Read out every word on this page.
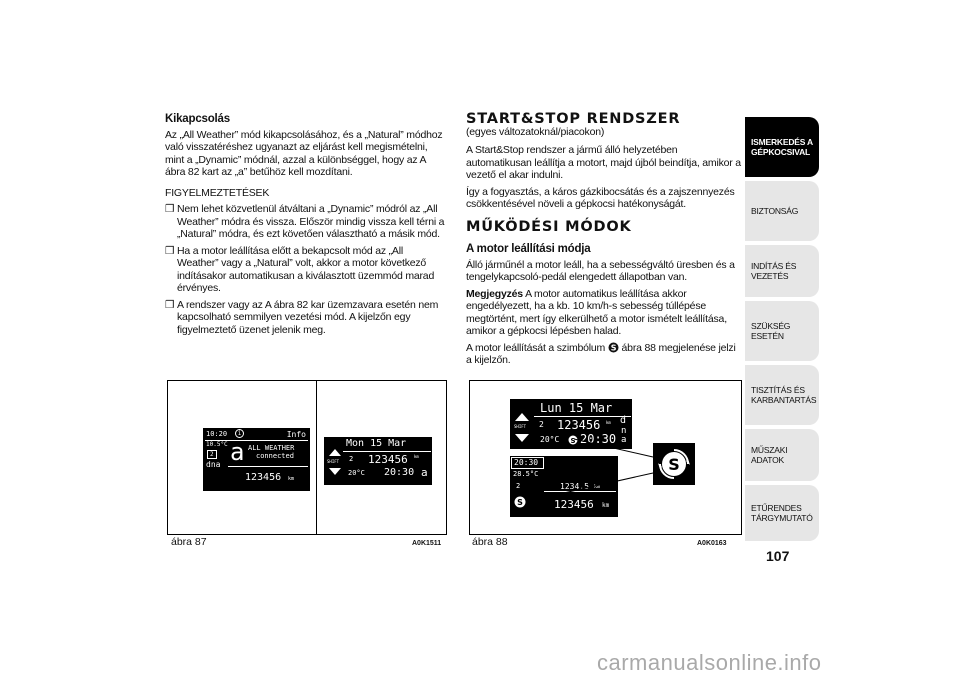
Kikapcsolás

Az „All Weather” mód kikapcsolásához, és a „Natural” módhoz való visszatéréshez ugyanazt az eljárást kell megismételni, mint a „Dynamic” módnál, azzal a különbséggel, hogy az A ábra 82 kart az „a” betűhöz kell mozdítani.

FIGYELMEZTETÉSEK

❒ Nem lehet közvetlenül átváltani a „Dynamic” módról az „All Weather” módra és vissza. Először mindig vissza kell térni a „Natural” módra, és ezt követően választható a másik mód.

❒ Ha a motor leállítása előtt a bekapcsolt mód az „All Weather” vagy a „Natural” volt, akkor a motor következő indításakor automatikusan a kiválasztott üzemmód marad érvényes.

❒ A rendszer vagy az A ábra 82 kar üzemzavara esetén nem kapcsolható semmilyen vezetési mód. A kijelzőn egy figyelmeztető üzenet jelenik meg.

START&STOP RENDSZER

(egyes változatoknál/piacokon)

A Start&Stop rendszer a jármű álló helyzetében automatikusan leállítja a motort, majd újból beindítja, amikor a vezető el akar indulni.

Így a fogyasztás, a káros gázkibocsátás és a zajszennyezés csökkentésével növeli a gépkocsi hatékonyságát.

MŰKÖDÉSI MÓDOK
A motor leállítási módja

Álló járműnél a motor leáll, ha a sebességváltó üresben és a tengelykapcsoló-pedál elengedett állapotban van.

Megjegyzés A motor automatikus leállítása akkor engedélyezett, ha a kb. 10 km/h-s sebesség túllépése megtörtént, mert így elkerülhető a motor ismételt leállítása, amikor a gépkocsi lépésben halad.

A motor leállítását a szimbólum S ábra 88 megjelenése jelzi a kijelzőn.

10:20	i	Info
10.5°C
2
dna a ALL WEATHER
connected
123456 km
Mon 15 Mar
SHIFT 2 123456 km
20°C 20:30 a
ábra 87	A0K1511
Lun 15 Mar
SHIFT 2 123456 km d
n
a
20°C S 20:30
20:30
28.5°C
2	1234.5 km
S	123456 km
S
ábra 88	A0K0163
ISMERKEDÉS A GÉPKOCSIVAL
BIZTONSÁG
INDÍTÁS ÉS VEZETÉS
SZÜKSÉG ESETÉN
TISZTÍTÁS ÉS KARBANTARTÁS
MŰSZAKI ADATOK
ETŰRENDES TÁRGYMUTATÓ
107
carmanualsonline.info
